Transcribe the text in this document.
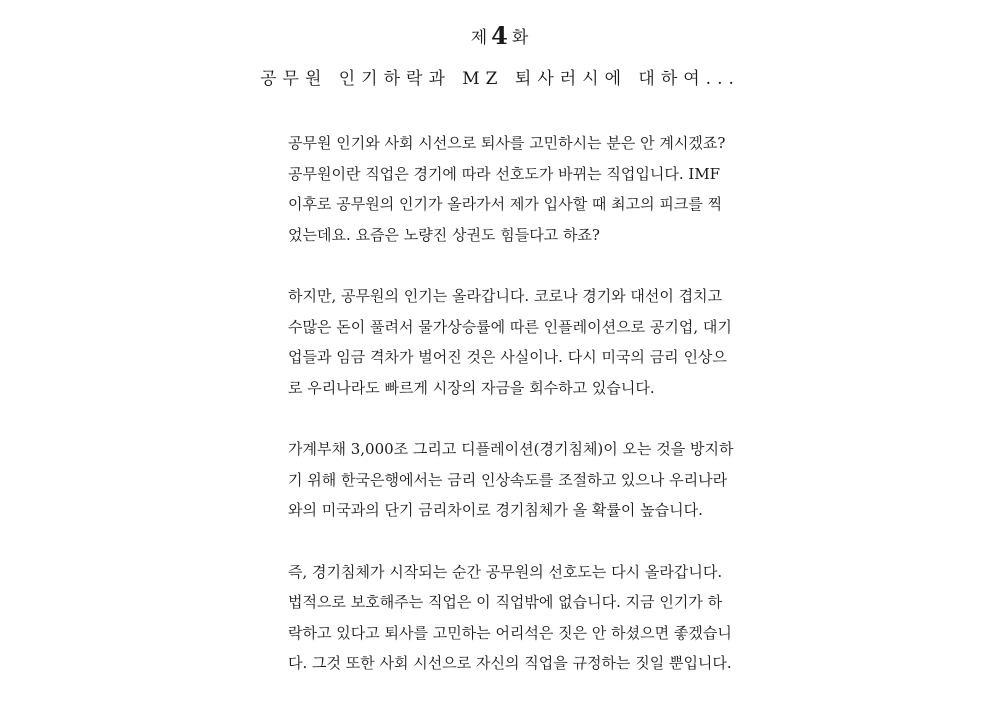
제 4 화
공무원 인기하락과 MZ 퇴사러시에 대하여...
공무원 인기와 사회 시선으로 퇴사를 고민하시는 분은 안 계시겠죠?
공무원이란 직업은 경기에 따라 선호도가 바뀌는 직업입니다. IMF
이후로 공무원의 인기가 올라가서 제가 입사할 때 최고의 피크를 찍
었는데요. 요즘은 노량진 상권도 힘들다고 하죠?
하지만, 공무원의 인기는 올라갑니다. 코로나 경기와 대선이 겹치고
수많은 돈이 풀려서 물가상승률에 따른 인플레이션으로 공기업, 대기
업들과 임금 격차가 벌어진 것은 사실이나. 다시 미국의 금리 인상으
로 우리나라도 빠르게 시장의 자금을 회수하고 있습니다.
가계부채 3,000조 그리고 디플레이션(경기침체)이 오는 것을 방지하
기 위해 한국은행에서는 금리 인상속도를 조절하고 있으나 우리나라
와의 미국과의 단기 금리차이로 경기침체가 올 확률이 높습니다.
즉, 경기침체가 시작되는 순간 공무원의 선호도는 다시 올라갑니다.
법적으로 보호해주는 직업은 이 직업밖에 없습니다. 지금 인기가 하
락하고 있다고 퇴사를 고민하는 어리석은 짓은 안 하셨으면 좋겠습니
다. 그것 또한 사회 시선으로 자신의 직업을 규정하는 짓일 뿐입니다.
